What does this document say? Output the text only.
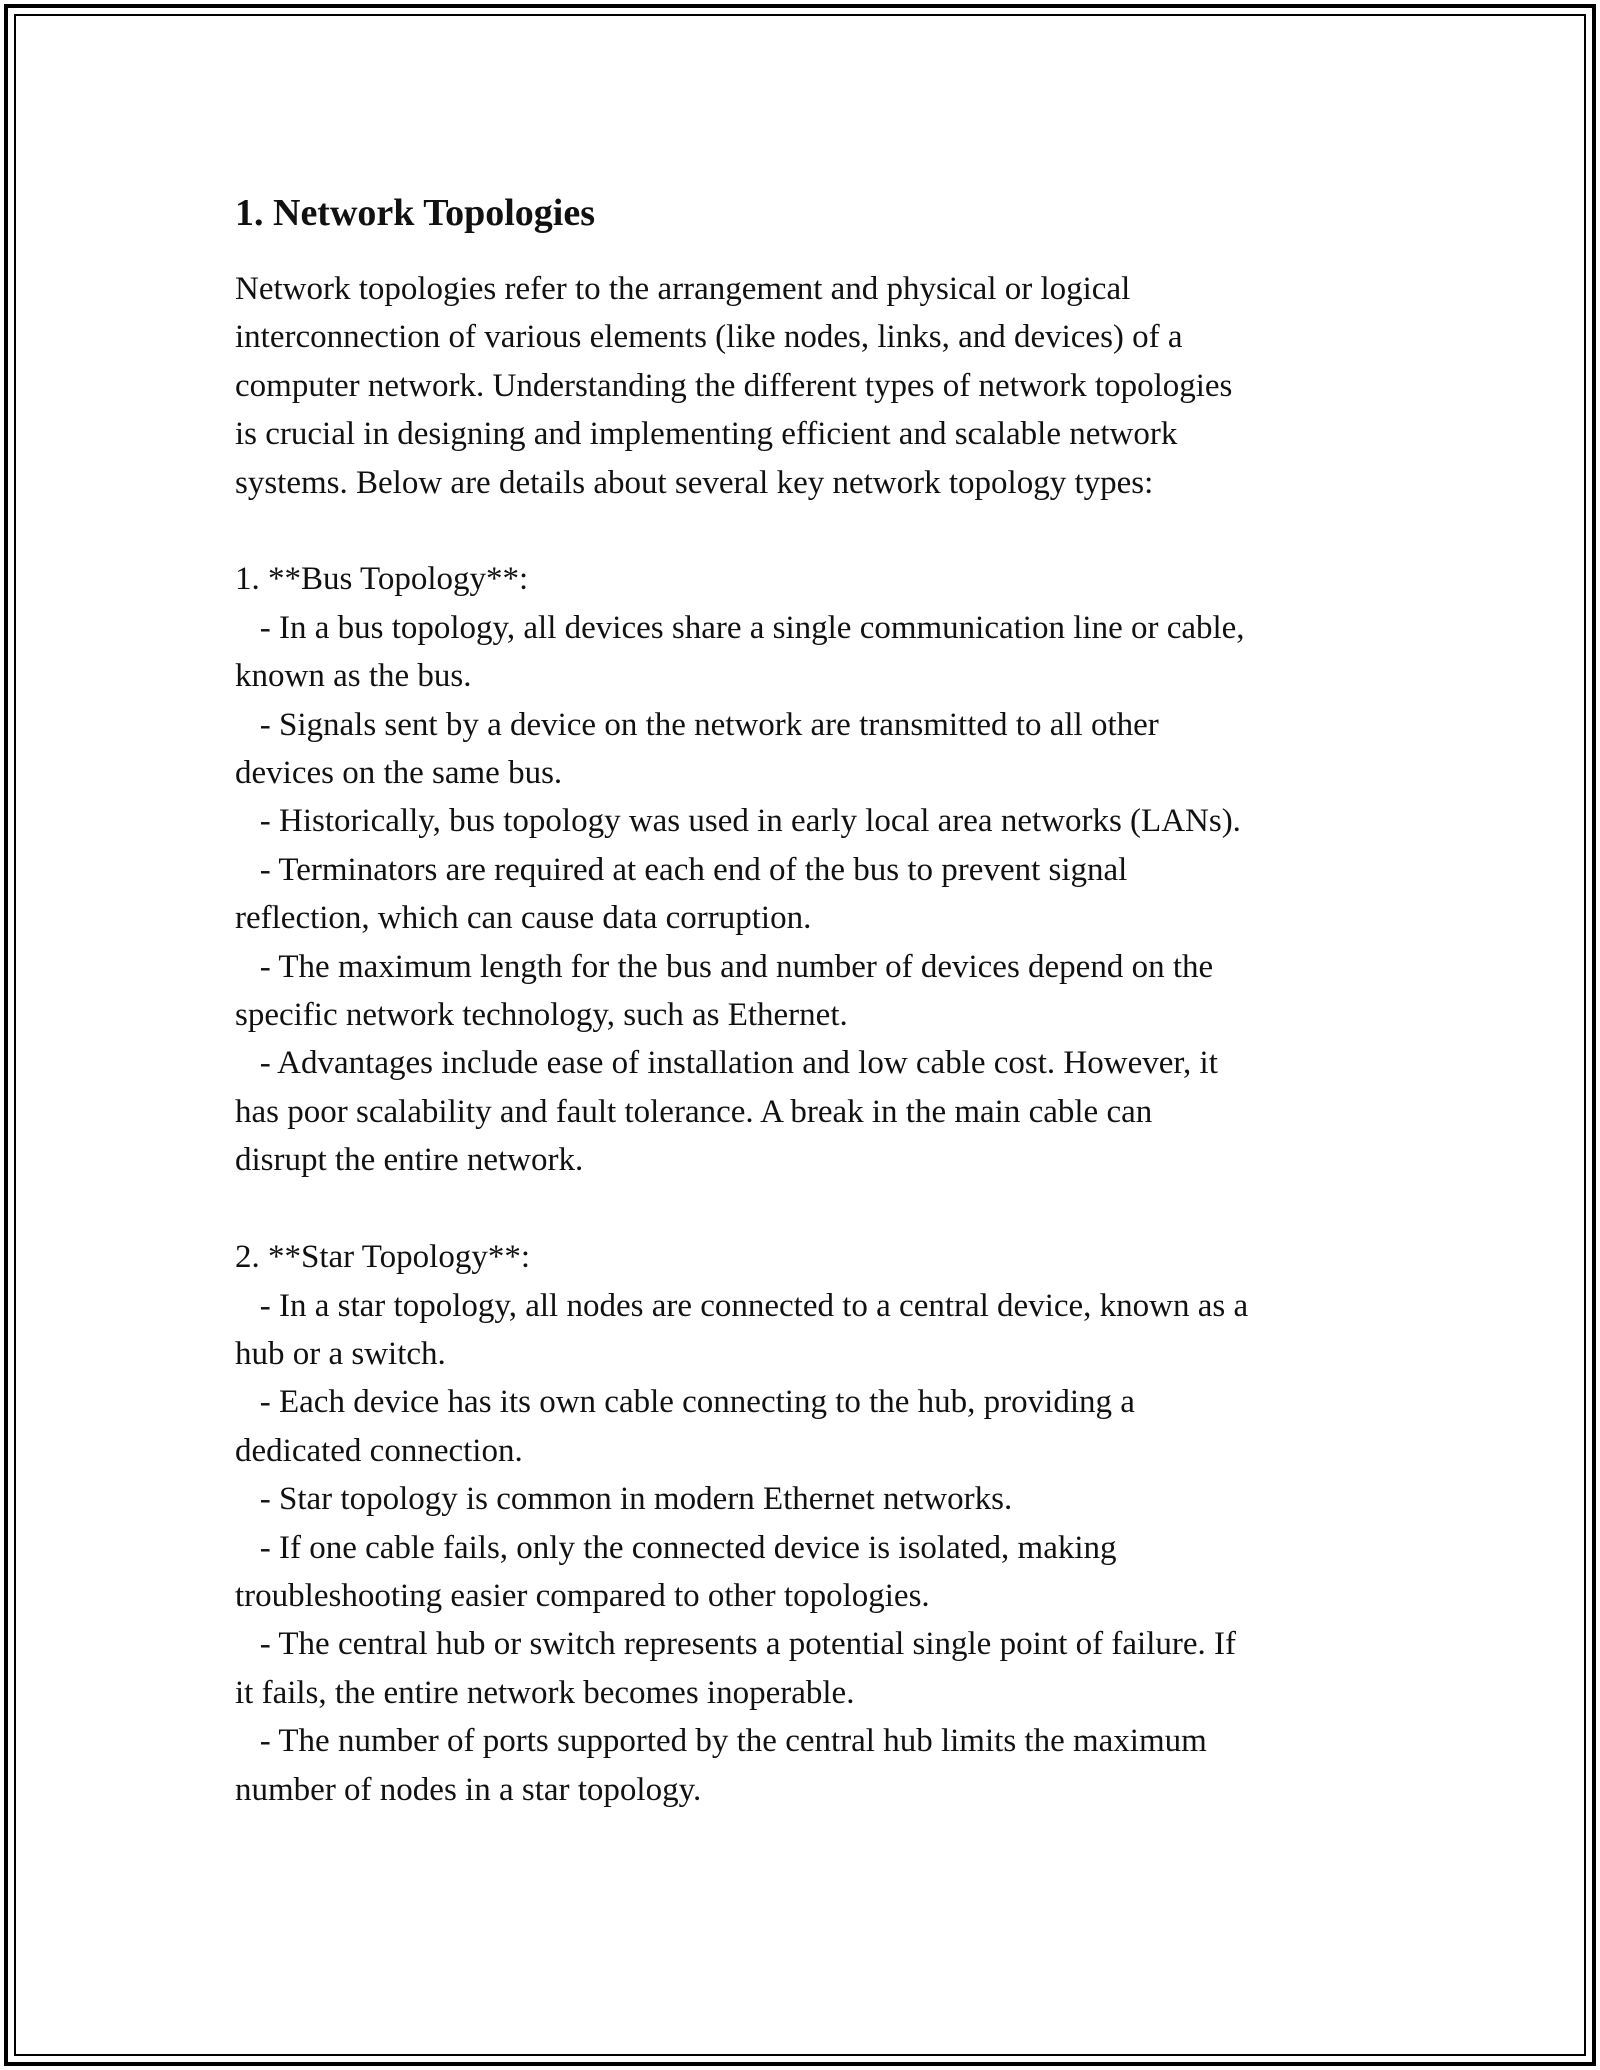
1. Network Topologies

Network topologies refer to the arrangement and physical or logical

interconnection of various elements (like nodes, links, and devices) of a

computer network. Understanding the different types of network topologies

is crucial in designing and implementing efficient and scalable network

systems. Below are details about several key network topology types:

1. **Bus Topology**:

- In a bus topology, all devices share a single communication line or cable,

known as the bus.

- Signals sent by a device on the network are transmitted to all other

devices on the same bus.

- Historically, bus topology was used in early local area networks (LANs).

- Terminators are required at each end of the bus to prevent signal

reflection, which can cause data corruption.

- The maximum length for the bus and number of devices depend on the

specific network technology, such as Ethernet.

- Advantages include ease of installation and low cable cost. However, it

has poor scalability and fault tolerance. A break in the main cable can

disrupt the entire network.

2. **Star Topology**:

- In a star topology, all nodes are connected to a central device, known as a

hub or a switch.

- Each device has its own cable connecting to the hub, providing a

dedicated connection.

- Star topology is common in modern Ethernet networks.

- If one cable fails, only the connected device is isolated, making

troubleshooting easier compared to other topologies.

- The central hub or switch represents a potential single point of failure. If

it fails, the entire network becomes inoperable.

- The number of ports supported by the central hub limits the maximum

number of nodes in a star topology.
